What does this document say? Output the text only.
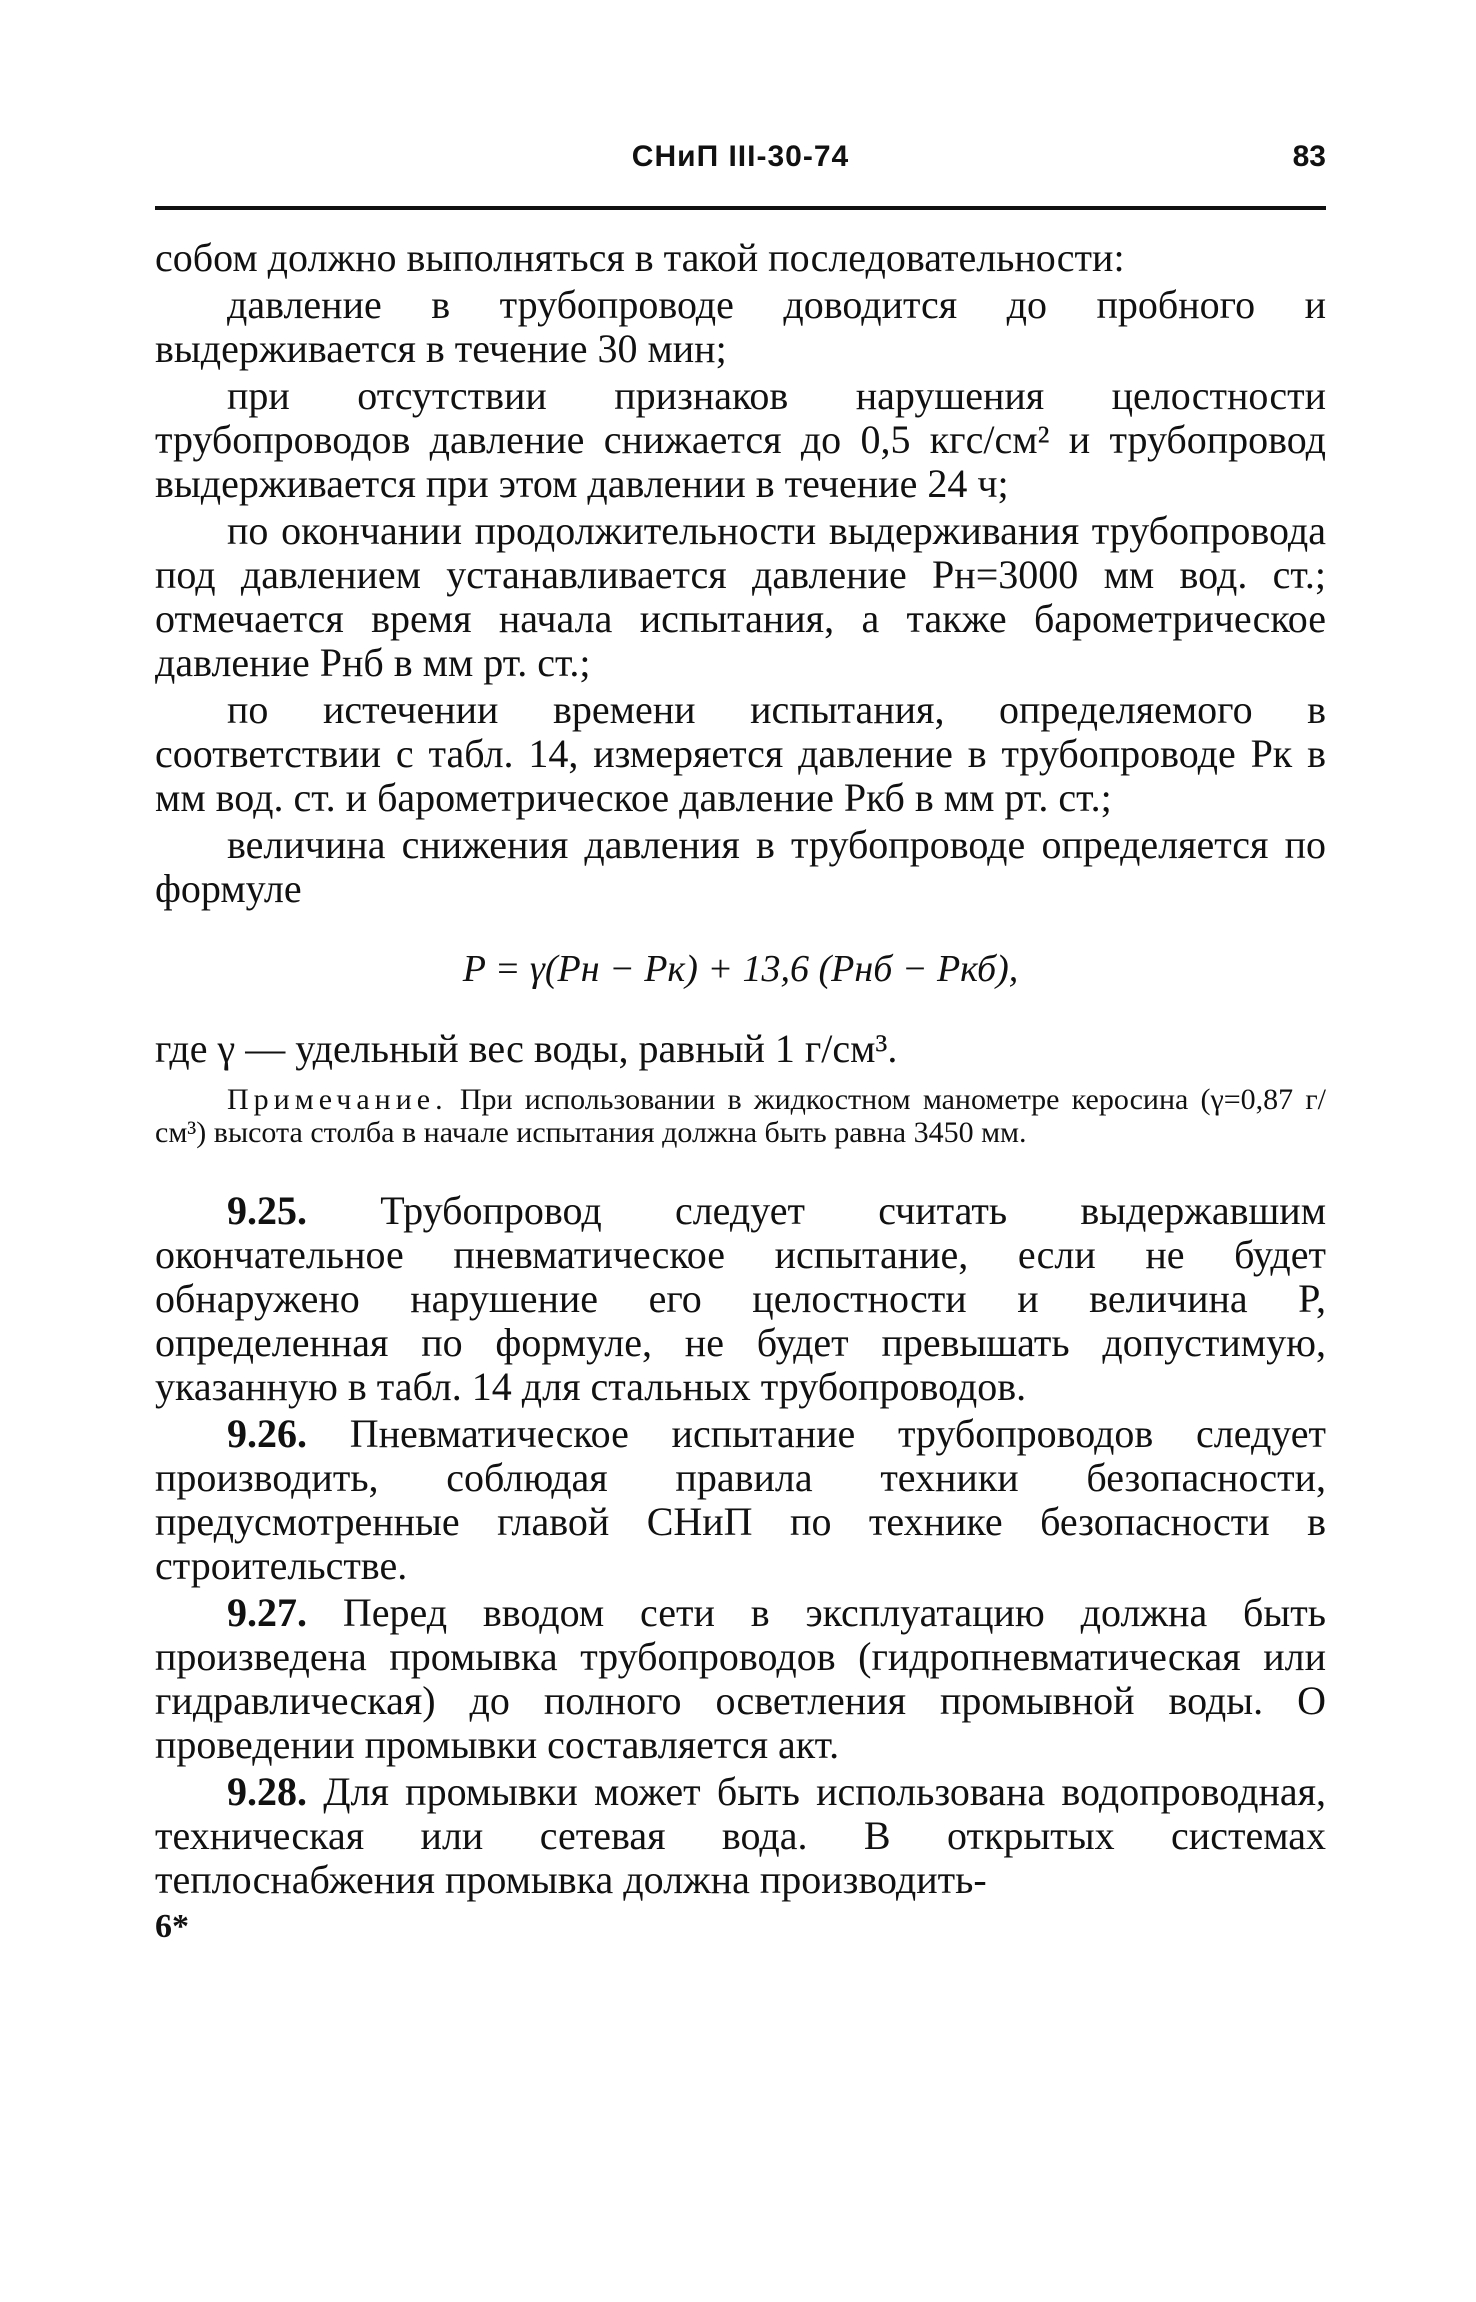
СНиП III-30-74	83

собом должно выполняться в такой последовательности:

давление в трубопроводе доводится до пробного и выдерживается в течение 30 мин;

при отсутствии признаков нарушения целостности трубопроводов давление снижается до 0,5 кгс/см² и трубопровод выдерживается при этом давлении в течение 24 ч;

по окончании продолжительности выдерживания трубопровода под давлением устанавливается давление Pн=3000 мм вод. ст.; отмечается время начала испытания, а также барометрическое давление Pнб в мм рт. ст.;

по истечении времени испытания, определяемого в соответствии с табл. 14, измеряется давление в трубопроводе Pк в мм вод. ст. и барометрическое давление Pкб в мм рт. ст.;

величина снижения давления в трубопроводе определяется по формуле

P = γ(Pн − Pк) + 13,6 (Pнб − Pкб),

где γ — удельный вес воды, равный 1 г/см³.

Примечание. При использовании в жидкостном манометре керосина (γ=0,87 г/см³) высота столба в начале испытания должна быть равна 3450 мм.

9.25. Трубопровод следует считать выдержавшим окончательное пневматическое испытание, если не будет обнаружено нарушение его целостности и величина P, определенная по формуле, не будет превышать допустимую, указанную в табл. 14 для стальных трубопроводов.

9.26. Пневматическое испытание трубопроводов следует производить, соблюдая правила техники безопасности, предусмотренные главой СНиП по технике безопасности в строительстве.

9.27. Перед вводом сети в эксплуатацию должна быть произведена промывка трубопроводов (гидропневматическая или гидравлическая) до полного осветления промывной воды. О проведении промывки составляется акт.

9.28. Для промывки может быть использована водопроводная, техническая или сетевая вода. В открытых системах теплоснабжения промывка должна производить-

6*
